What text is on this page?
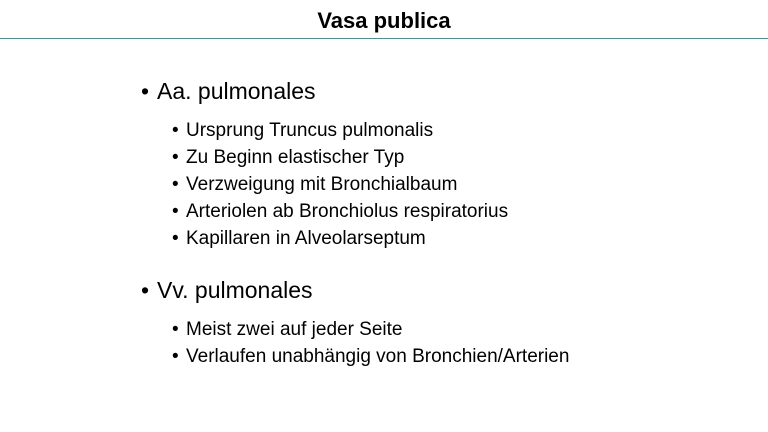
Vasa publica
• Aa. pulmonales
• Ursprung Truncus pulmonalis
• Zu Beginn elastischer Typ
• Verzweigung mit Bronchialbaum
• Arteriolen ab Bronchiolus respiratorius
• Kapillaren in Alveolarseptum
• Vv. pulmonales
• Meist zwei auf jeder Seite
• Verlaufen unabhängig von Bronchien/Arterien
